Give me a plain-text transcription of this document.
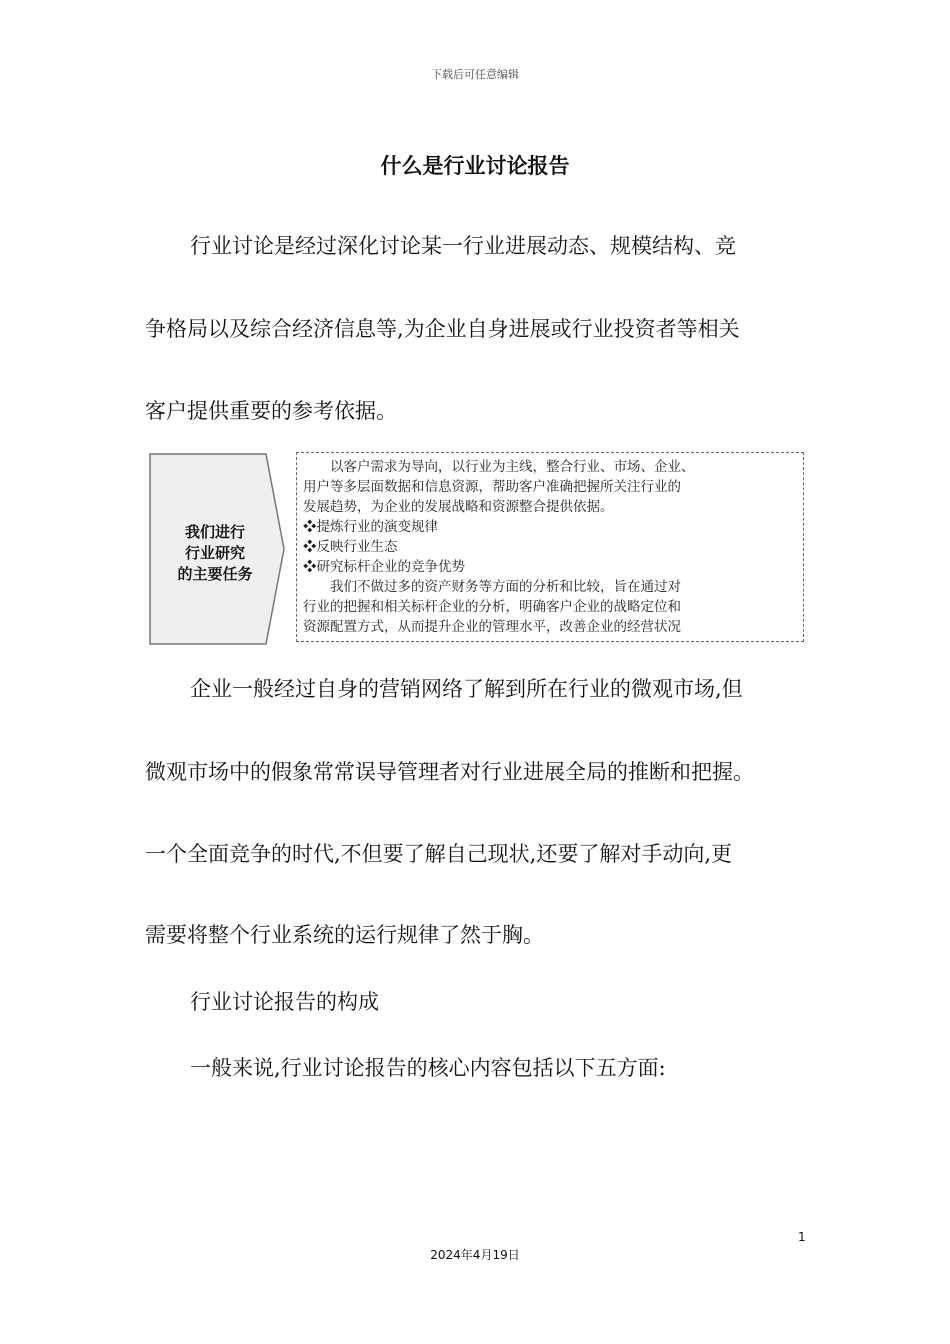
下载后可任意编辑
什么是行业讨论报告
行业讨论是经过深化讨论某一行业进展动态、规模结构、竞
争格局以及综合经济信息等,为企业自身进展或行业投资者等相关
客户提供重要的参考依据。
我们进行
行业研究
的主要任务
以客户需求为导向，以行业为主线，整合行业、市场、企业、
用户等多层面数据和信息资源，帮助客户准确把握所关注行业的
发展趋势，为企业的发展战略和资源整合提供依据。
❖提炼行业的演变规律
❖反映行业生态
❖研究标杆企业的竞争优势
我们不做过多的资产财务等方面的分析和比较，旨在通过对
行业的把握和相关标杆企业的分析，明确客户企业的战略定位和
资源配置方式，从而提升企业的管理水平，改善企业的经营状况
企业一般经过自身的营销网络了解到所在行业的微观市场,但
微观市场中的假象常常误导管理者对行业进展全局的推断和把握。
一个全面竞争的时代,不但要了解自己现状,还要了解对手动向,更
需要将整个行业系统的运行规律了然于胸。
行业讨论报告的构成
一般来说,行业讨论报告的核心内容包括以下五方面:
1
2024年4月19日
